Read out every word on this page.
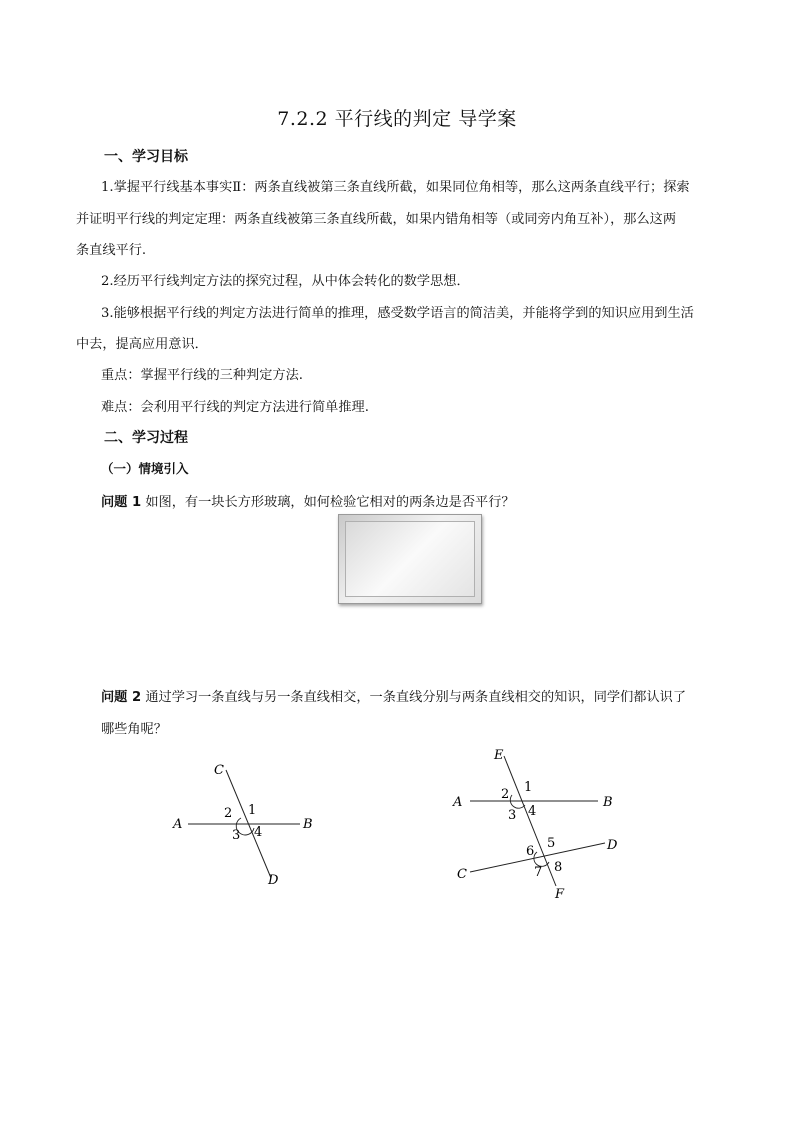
7.2.2 平行线的判定 导学案
一、学习目标
1.掌握平行线基本事实Ⅱ：两条直线被第三条直线所截，如果同位角相等，那么这两条直线平行；探索
并证明平行线的判定定理：两条直线被第三条直线所截，如果内错角相等（或同旁内角互补），那么这两
条直线平行.
2.经历平行线判定方法的探究过程，从中体会转化的数学思想．
3.能够根据平行线的判定方法进行简单的推理，感受数学语言的简洁美，并能将学到的知识应用到生活
中去，提高应用意识．
重点：掌握平行线的三种判定方法.
难点：会利用平行线的判定方法进行简单推理.
二、学习过程
（一）情境引入
问题 1 如图，有一块长方形玻璃，如何检验它相对的两条边是否平行？
问题 2 通过学习一条直线与另一条直线相交，一条直线分别与两条直线相交的知识，同学们都认识了
哪些角呢？
C
D
A	B
1
2
3 4
E
F
A	B
C
D
1
2
3 4
5
6
7 8
